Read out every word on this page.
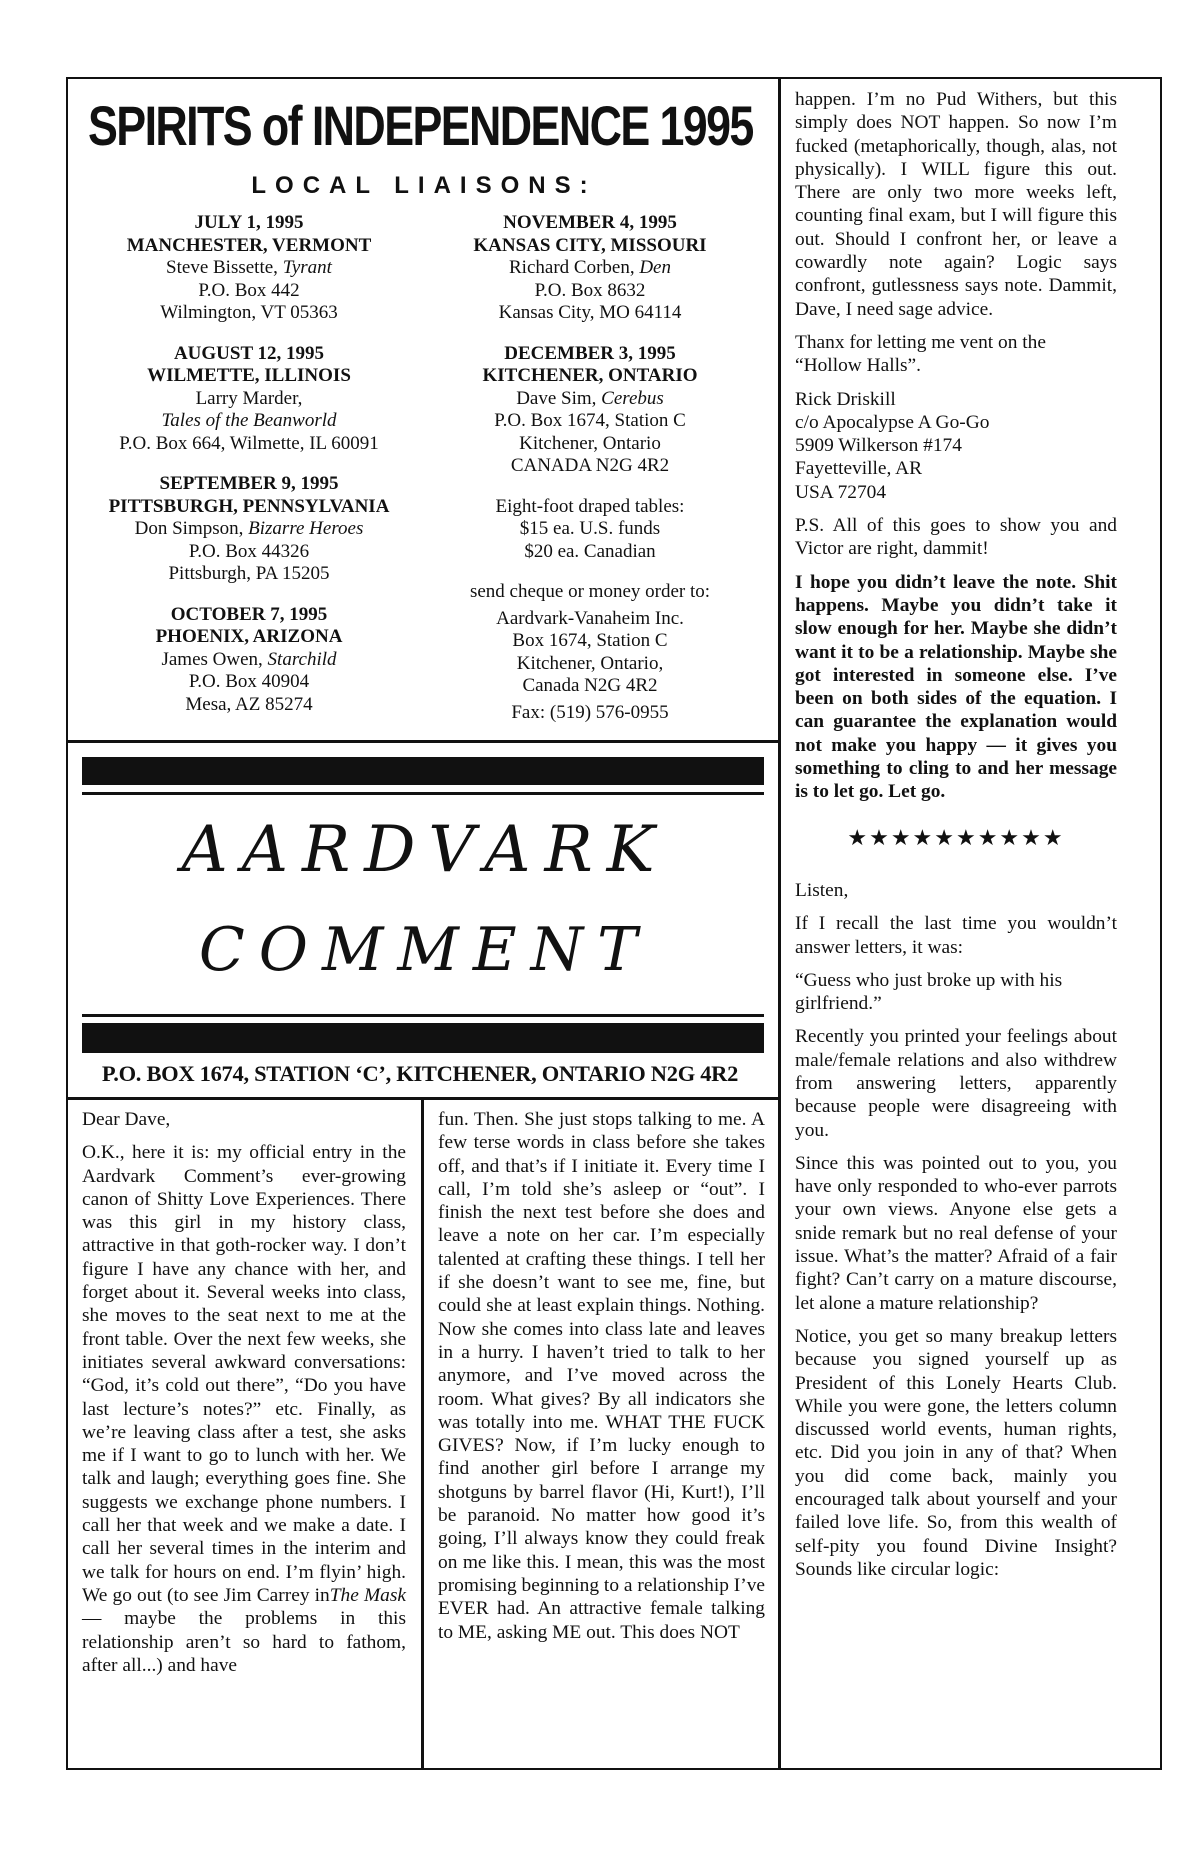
SPIRITS of INDEPENDENCE 1995
LOCAL LIAISONS:
JULY 1, 1995
MANCHESTER, VERMONT
Steve Bissette, Tyrant
P.O. Box 442
Wilmington, VT 05363
AUGUST 12, 1995
WILMETTE, ILLINOIS
Larry Marder,
Tales of the Beanworld
P.O. Box 664, Wilmette, IL 60091
SEPTEMBER 9, 1995
PITTSBURGH, PENNSYLVANIA
Don Simpson, Bizarre Heroes
P.O. Box 44326
Pittsburgh, PA 15205
OCTOBER 7, 1995
PHOENIX, ARIZONA
James Owen, Starchild
P.O. Box 40904
Mesa, AZ 85274
NOVEMBER 4, 1995
KANSAS CITY, MISSOURI
Richard Corben, Den
P.O. Box 8632
Kansas City, MO 64114
DECEMBER 3, 1995
KITCHENER, ONTARIO
Dave Sim, Cerebus
P.O. Box 1674, Station C
Kitchener, Ontario
CANADA N2G 4R2
Eight-foot draped tables:
$15 ea. U.S. funds
$20 ea. Canadian
send cheque or money order to:
Aardvark-Vanaheim Inc.
Box 1674, Station C
Kitchener, Ontario,
Canada N2G 4R2
Fax: (519) 576-0955
AARDVARK
COMMENT
P.O. BOX 1674, STATION ‘C’, KITCHENER, ONTARIO N2G 4R2

Dear Dave,

O.K., here it is: my official entry in the Aardvark Comment’s ever-growing canon of Shitty Love Experiences. There was this girl in my history class, attractive in that goth-rocker way. I don’t figure I have any chance with her, and forget about it. Several weeks into class, she moves to the seat next to me at the front table. Over the next few weeks, she initiates several awkward conversations: “God, it’s cold out there”, “Do you have last lecture’s notes?” etc. Finally, as we’re leaving class after a test, she asks me if I want to go to lunch with her. We talk and laugh; everything goes fine. She suggests we exchange phone numbers. I call her that week and we make a date. I call her several times in the interim and we talk for hours on end. I’m flyin’ high. We go out (to see Jim Carrey inThe Mask — maybe the problems in this relationship aren’t so hard to fathom, after all...) and have

fun. Then. She just stops talking to me. A few terse words in class before she takes off, and that’s if I initiate it. Every time I call, I’m told she’s asleep or “out”. I finish the next test before she does and leave a note on her car. I’m especially talented at crafting these things. I tell her if she doesn’t want to see me, fine, but could she at least explain things. Nothing. Now she comes into class late and leaves in a hurry. I haven’t tried to talk to her anymore, and I’ve moved across the room. What gives? By all indicators she was totally into me. WHAT THE FUCK GIVES? Now, if I’m lucky enough to find another girl before I arrange my shotguns by barrel flavor (Hi, Kurt!), I’ll be paranoid. No matter how good it’s going, I’ll always know they could freak on me like this. I mean, this was the most promising beginning to a relationship I’ve EVER had. An attractive female talking to ME, asking ME out. This does NOT

happen. I’m no Pud Withers, but this simply does NOT happen. So now I’m fucked (metaphorically, though, alas, not physically). I WILL figure this out. There are only two more weeks left, counting final exam, but I will figure this out. Should I confront her, or leave a cowardly note again? Logic says confront, gutlessness says note. Dammit, Dave, I need sage advice.

Thanx for letting me vent on the “Hollow Halls”.

Rick Driskill
c/o Apocalypse A Go-Go
5909 Wilkerson #174
Fayetteville, AR
USA 72704

P.S. All of this goes to show you and Victor are right, dammit!

I hope you didn’t leave the note. Shit happens. Maybe you didn’t take it slow enough for her. Maybe she didn’t want it to be a relationship. Maybe she got interested in someone else. I’ve been on both sides of the equation. I can guarantee the explanation would not make you happy — it gives you something to cling to and her message is to let go. Let go.

★★★★★★★★★★

Listen,

If I recall the last time you wouldn’t answer letters, it was:

“Guess who just broke up with his girlfriend.”

Recently you printed your feelings about male/female relations and also withdrew from answering letters, apparently because people were disagreeing with you.

Since this was pointed out to you, you have only responded to who-ever parrots your own views. Anyone else gets a snide remark but no real defense of your issue. What’s the matter? Afraid of a fair fight? Can’t carry on a mature discourse, let alone a mature relationship?

Notice, you get so many breakup letters because you signed yourself up as President of this Lonely Hearts Club. While you were gone, the letters column discussed world events, human rights, etc. Did you join in any of that? When you did come back, mainly you encouraged talk about yourself and your failed love life. So, from this wealth of self-pity you found Divine Insight? Sounds like circular logic:
